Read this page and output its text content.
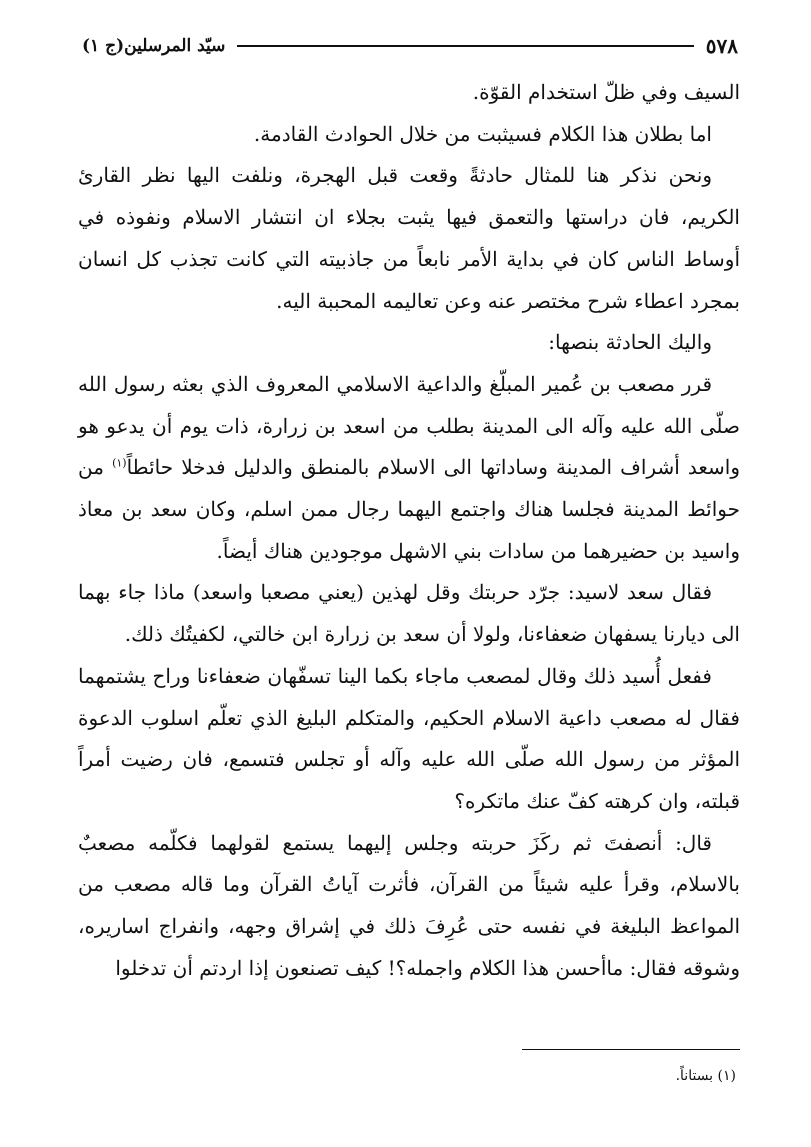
٥٧٨
سيّد المرسلين(ج ١)

السيف وفي ظلّ استخدام القوّة.

اما بطلان هذا الكلام فسيثبت من خلال الحوادث القادمة.

ونحن نذكر هنا للمثال حادثةً وقعت قبل الهجرة، ونلفت اليها نظر القارئ الكريم، فان دراستها والتعمق فيها يثبت بجلاء ان انتشار الاسلام ونفوذه في أوساط الناس كان في بداية الأمر نابعاً من جاذبيته التي كانت تجذب كل انسان بمجرد اعطاء شرح مختصر عنه وعن تعاليمه المحببة اليه.

واليك الحادثة بنصها:

قرر مصعب بن عُمير المبلّغ والداعية الاسلامي المعروف الذي بعثه رسول الله صلّى الله عليه وآله الى المدينة بطلب من اسعد بن زرارة، ذات يوم أن يدعو هو واسعد أشراف المدينة وساداتها الى الاسلام بالمنطق والدليل فدخلا حائطاً$^{(١)}$ من حوائط المدينة فجلسا هناك واجتمع اليهما رجال ممن اسلم، وكان سعد بن معاذ واسيد بن حضيرهما من سادات بني الاشهل موجودين هناك أيضاً.

فقال سعد لاسيد: جرّد حربتك وقل لهذين (يعني مصعبا واسعد) ماذا جاء بهما الى ديارنا يسفهان ضعفاءنا، ولولا أن سعد بن زرارة ابن خالتي، لكفيتُك ذلك.

ففعل أُسيد ذلك وقال لمصعب ماجاء بكما الينا تسفّهان ضعفاءنا وراح يشتمهما فقال له مصعب داعية الاسلام الحكيم، والمتكلم البليغ الذي تعلّم اسلوب الدعوة المؤثر من رسول الله صلّى الله عليه وآله أو تجلس فتسمع، فان رضيت أمراً قبلته، وان كرهته كفّ عنك ماتكره؟

قال: أنصفتَ ثم ركَزَ حربته وجلس إليهما يستمع لقولهما فكلّمه مصعبٌ بالاسلام، وقرأ عليه شيئاً من القرآن، فأثرت آياتُ القرآن وما قاله مصعب من المواعظ البليغة في نفسه حتى عُرِفَ ذلك في إشراق وجهه، وانفراج اساريره، وشوقه فقال: ماأحسن هذا الكلام واجمله؟! كيف تصنعون إذا اردتم أن تدخلوا

(١) بستاناً.
